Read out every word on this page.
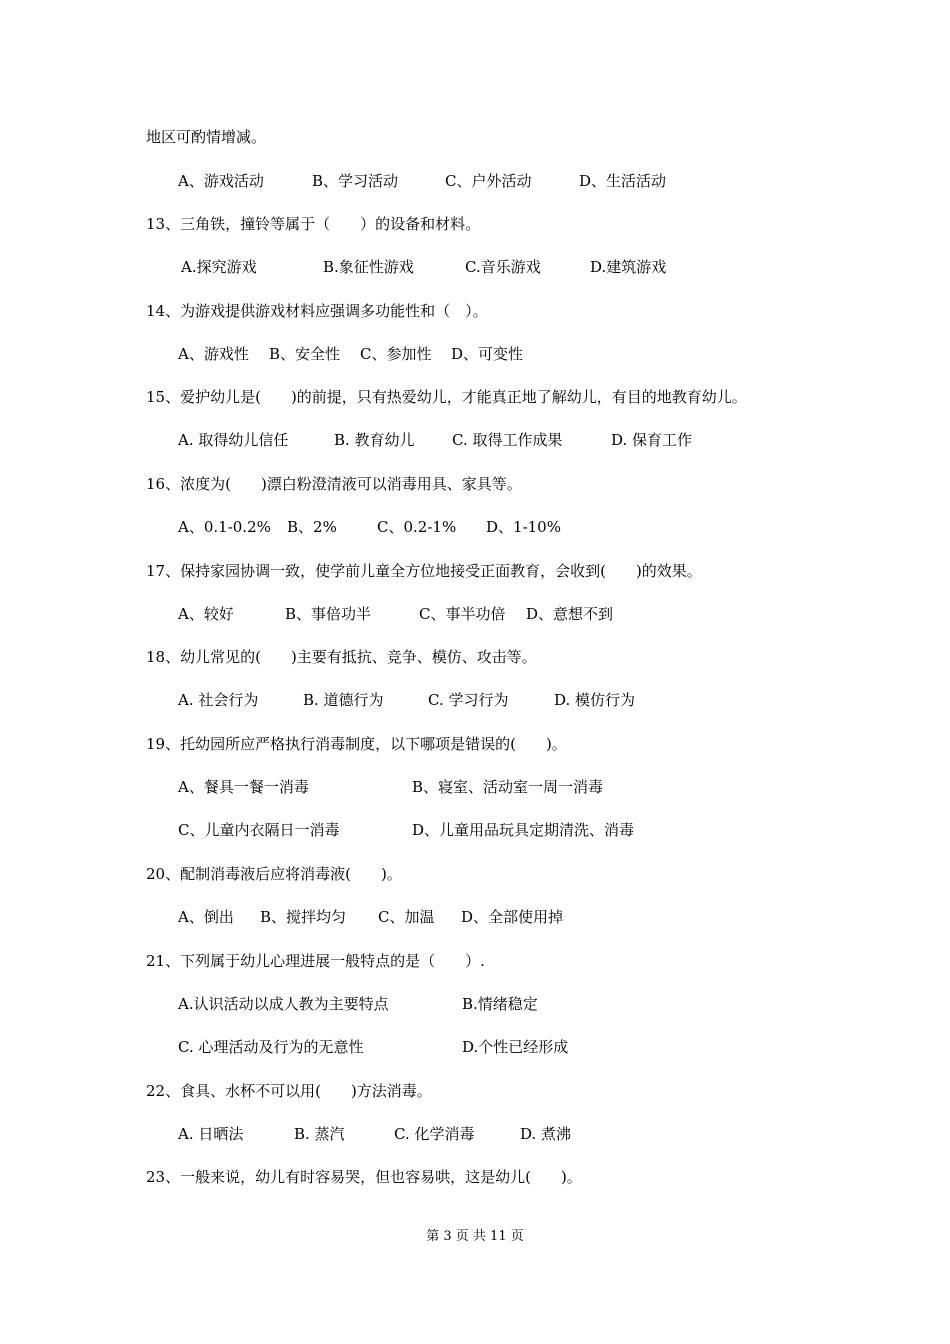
地区可酌情增减。

A、游戏活动

	B、学习活动

	C、户外活动

	D、生活活动

13、三角铁，撞铃等属于（　　）的设备和材料。

A.探究游戏

	B.象征性游戏

	C.音乐游戏

	D.建筑游戏

14、为游戏提供游戏材料应强调多功能性和（　）。

A、游戏性

B、安全性

C、参加性

D、可变性

15、爱护幼儿是(　　)的前提，只有热爱幼儿，才能真正地了解幼儿，有目的地教育幼儿。

A. 取得幼儿信任

	B. 教育幼儿

C. 取得工作成果

	D. 保育工作

16、浓度为(　　)漂白粉澄清液可以消毒用具、家具等。

A、0.1-0.2%

B、2%

	C、0.2-1%

D、1-10%

17、保持家园协调一致，使学前儿童全方位地接受正面教育，会收到(　　)的效果。

A、较好

	B、事倍功半

	C、事半功倍

D、意想不到

18、幼儿常见的(　　)主要有抵抗、竞争、模仿、攻击等。

A. 社会行为

	B. 道德行为

	C. 学习行为

	D. 模仿行为

19、托幼园所应严格执行消毒制度，以下哪项是错误的(　　)。

A、餐具一餐一消毒

	B、寝室、活动室一周一消毒

C、儿童内衣隔日一消毒

	D、儿童用品玩具定期清洗、消毒

20、配制消毒液后应将消毒液(　　)。

A、倒出

B、搅拌均匀

C、加温

D、全部使用掉

21、下列属于幼儿心理进展一般特点的是（　　）.

A.认识活动以成人教为主要特点

	B.情绪稳定

C. 心理活动及行为的无意性

	D.个性已经形成

22、食具、水杯不可以用(　　)方法消毒。

A. 日晒法

	B. 蒸汽

	C. 化学消毒

	D. 煮沸

23、一般来说，幼儿有时容易哭，但也容易哄，这是幼儿(　　)。
第 3 页 共 11 页
